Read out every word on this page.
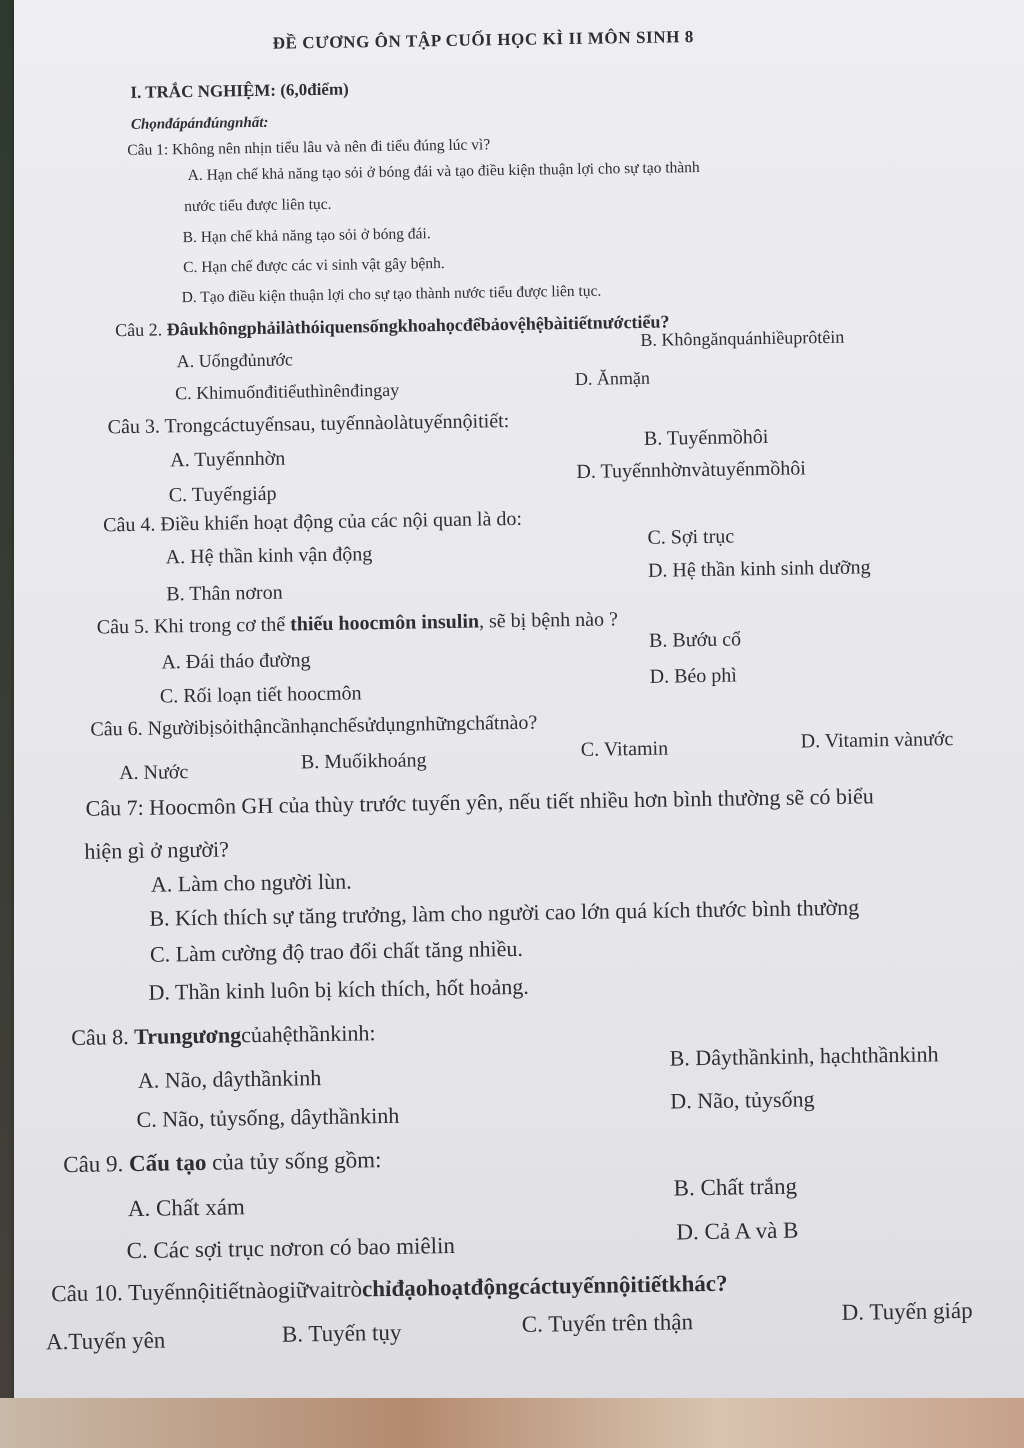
ĐỀ CƯƠNG ÔN TẬP CUỐI HỌC KÌ II MÔN SINH 8
I. TRẮC NGHIỆM: (6,0điểm)
Chọnđápánđúngnhất:
Câu 1: Không nên nhịn tiểu lâu và nên đi tiểu đúng lúc vì?
A. Hạn chế khả năng tạo sỏi ở bóng đái và tạo điều kiện thuận lợi cho sự tạo thành
nước tiểu được liên tục.
B. Hạn chế khả năng tạo sỏi ở bóng đái.
C. Hạn chế được các vi sinh vật gây bệnh.
D. Tạo điều kiện thuận lợi cho sự tạo thành nước tiểu được liên tục.
Câu 2. Đâukhôngphảilàthóiquensốngkhoahọcđểbảovệhệbàitiếtnướctiểu?
A. Uốngđủnước
B. Khôngănquánhiềuprôtêin
C. Khimuốnđitiểuthìnênđingay
D. Ănmặn
Câu 3. Trongcáctuyếnsau, tuyếnnàolàtuyếnnộitiết:
A. Tuyếnnhờn
B. Tuyếnmồhôi
C. Tuyếngiáp
D. Tuyếnnhờnvàtuyếnmồhôi
Câu 4. Điều khiển hoạt động của các nội quan là do:
A. Hệ thần kinh vận động
B. Thân nơron
C. Sợi trục
D. Hệ thần kinh sinh dưỡng
Câu 5. Khi trong cơ thể thiếu hoocmôn insulin, sẽ bị bệnh nào ?
A. Đái tháo đường
B. Bướu cổ
C. Rối loạn tiết hoocmôn
D. Béo phì
Câu 6. Ngườibịsỏithậncầnhạnchếsửdụngnhữngchấtnào?
A. Nước	B. Muốikhoáng
C. Vitamin	D. Vitamin vànước
Câu 7: Hoocmôn GH của thùy trước tuyến yên, nếu tiết nhiều hơn bình thường sẽ có biểu
hiện gì ở người?
A. Làm cho người lùn.
B. Kích thích sự tăng trưởng, làm cho người cao lớn quá kích thước bình thường
C. Làm cường độ trao đổi chất tăng nhiều.
D. Thần kinh luôn bị kích thích, hốt hoảng.
Câu 8. Trungươngcủahệthầnkinh:
A. Não, dâythầnkinh
B. Dâythầnkinh, hạchthầnkinh
C. Não, tủysống, dâythầnkinh
D. Não, tủysống
Câu 9. Cấu tạo của tủy sống gồm:
A. Chất xám
B. Chất trắng
C. Các sợi trục nơron có bao miêlin
D. Cả A và B
Câu 10. Tuyếnnộitiếtnàogiữvaitròchỉđạohoạtđộngcáctuyếnnộitiếtkhác?
A.Tuyến yên	B. Tuyến tụy	C. Tuyến trên thận	D. Tuyến giáp
